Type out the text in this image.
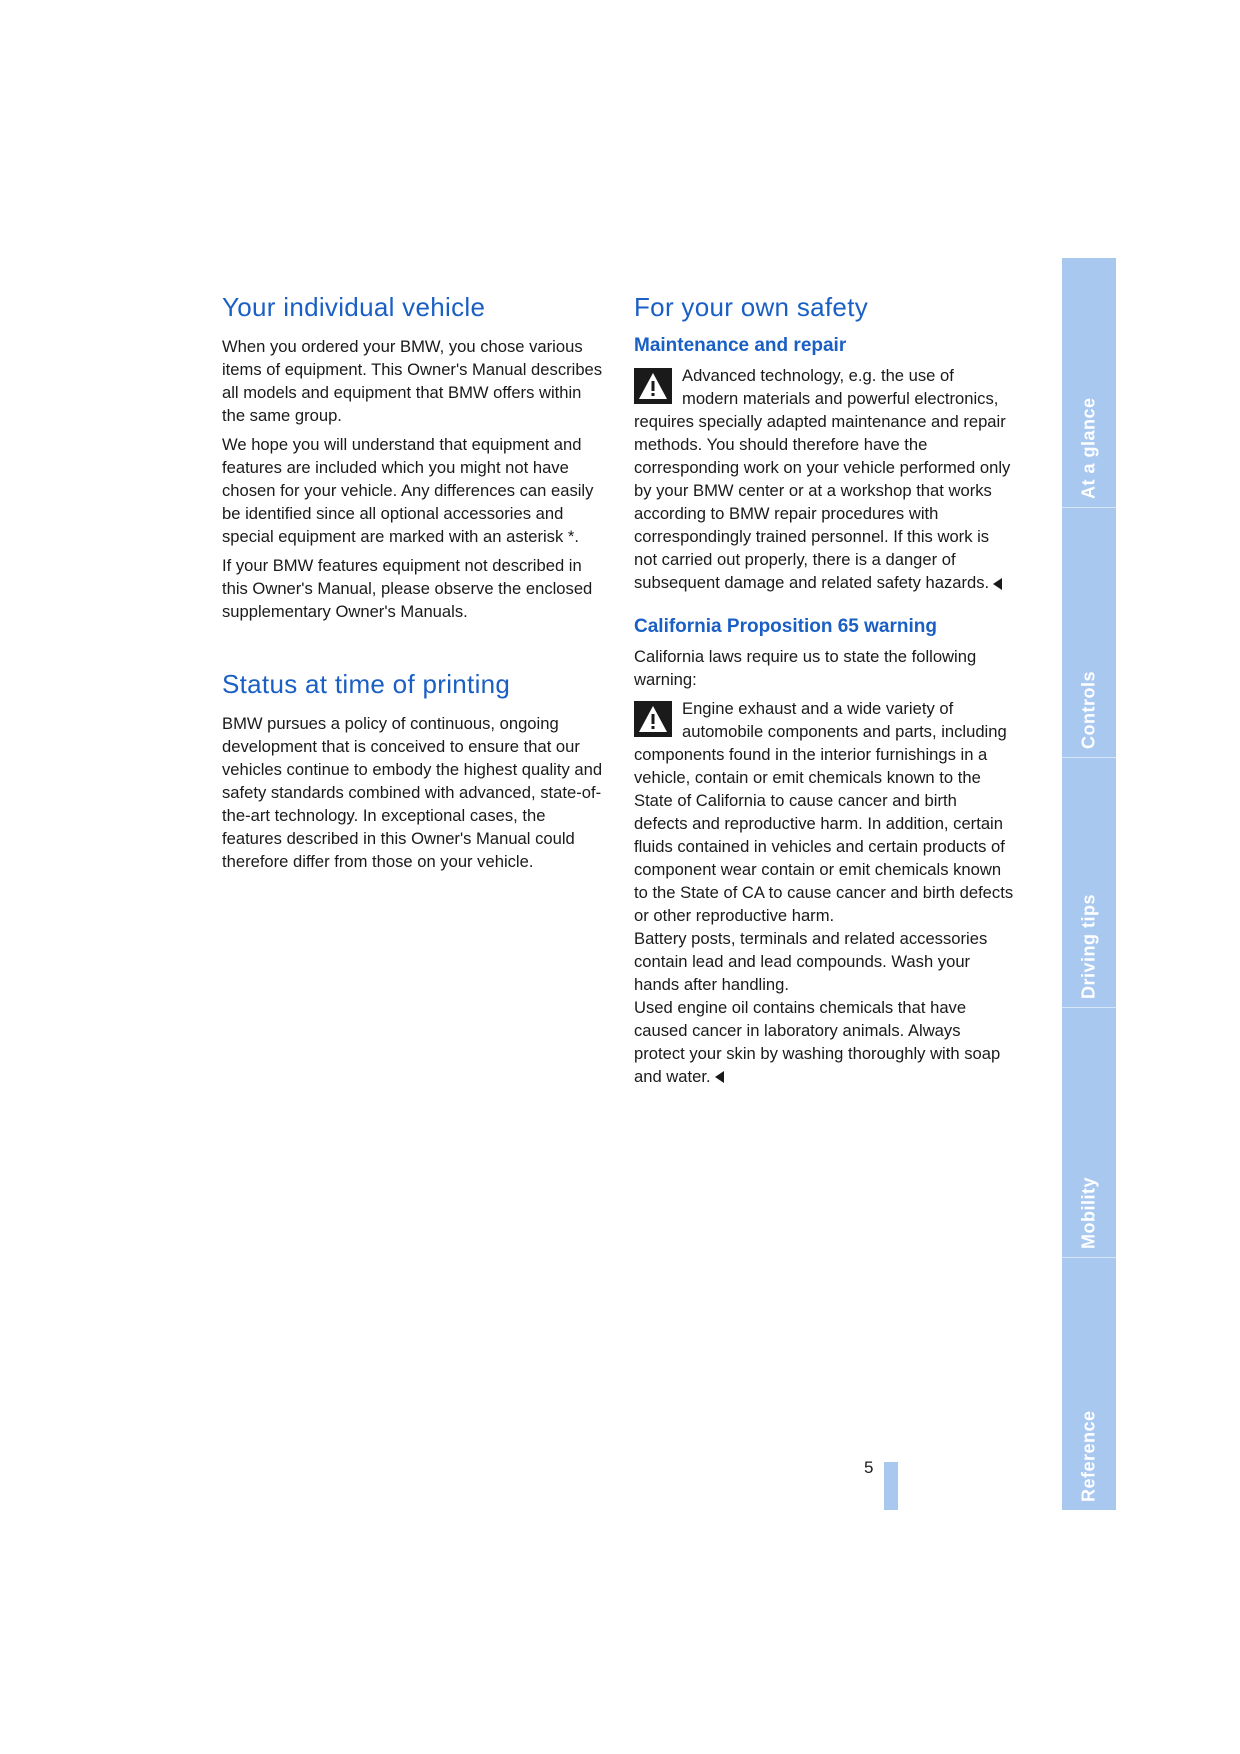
Your individual vehicle

When you ordered your BMW, you chose various items of equipment. This Owner's Manual describes all models and equipment that BMW offers within the same group.

We hope you will understand that equipment and features are included which you might not have chosen for your vehicle. Any differences can easily be identified since all optional accessories and special equipment are marked with an asterisk *.

If your BMW features equipment not described in this Owner's Manual, please observe the enclosed supplementary Owner's Manuals.

Status at time of printing

BMW pursues a policy of continuous, ongoing development that is conceived to ensure that our vehicles continue to embody the highest quality and safety standards combined with advanced, state-of-the-art technology. In exceptional cases, the features described in this Owner's Manual could therefore differ from those on your vehicle.

For your own safety
Maintenance and repair

Advanced technology, e.g. the use of modern materials and powerful electronics, requires specially adapted maintenance and repair methods. You should therefore have the corresponding work on your vehicle performed only by your BMW center or at a workshop that works according to BMW repair procedures with correspondingly trained personnel. If this work is not carried out properly, there is a danger of subsequent damage and related safety hazards.

California Proposition 65 warning

California laws require us to state the following warning:

Engine exhaust and a wide variety of automobile components and parts, including components found in the interior furnishings in a vehicle, contain or emit chemicals known to the State of California to cause cancer and birth defects and reproductive harm. In addition, certain fluids contained in vehicles and certain products of component wear contain or emit chemicals known to the State of CA to cause cancer and birth defects or other reproductive harm.
Battery posts, terminals and related accessories contain lead and lead compounds. Wash your hands after handling.
Used engine oil contains chemicals that have caused cancer in laboratory animals. Always protect your skin by washing thoroughly with soap and water.

At a glance
Controls
Driving tips
Mobility
Reference
5
